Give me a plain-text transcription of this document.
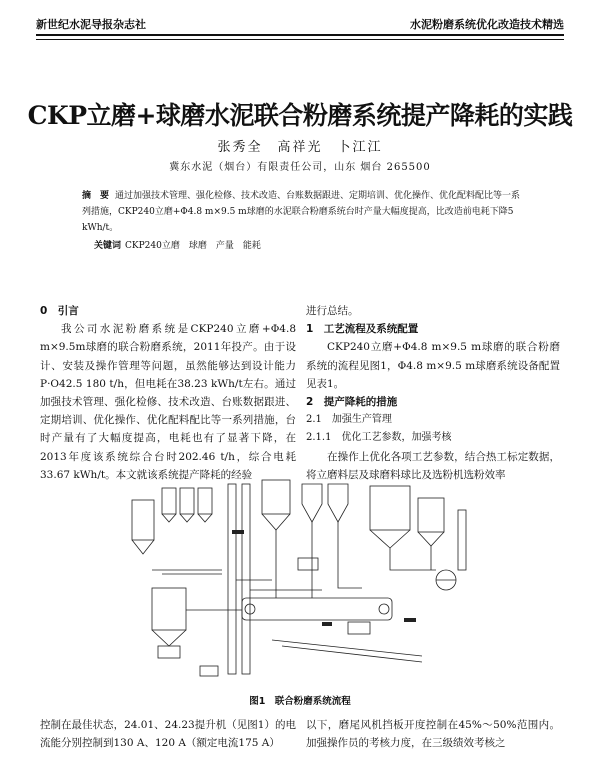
新世纪水泥导报杂志社	水泥粉磨系统优化改造技术精选
CKP立磨+球磨水泥联合粉磨系统提产降耗的实践
张秀全　高祥光　卜江江
冀东水泥（烟台）有限责任公司，山东 烟台 265500
摘　要 通过加强技术管理、强化检修、技术改造、台账数据跟进、定期培训、优化操作、优化配料配比等一系列措施，CKP240立磨+Φ4.8 m×9.5 m球磨的水泥联合粉磨系统台时产量大幅度提高，比改造前电耗下降5 kWh/t。
关键词 CKP240立磨　球磨　产量　能耗
0　引言
我公司水泥粉磨系统是CKP240立磨+Φ4.8 m×9.5m球磨的联合粉磨系统，2011年投产。由于设计、安装及操作管理等问题，虽然能够达到设计能力P·O42.5 180 t/h，但电耗在38.23 kWh/t左右。通过加强技术管理、强化检修、技术改造、台账数据跟进、定期培训、优化操作、优化配料配比等一系列措施，台时产量有了大幅度提高，电耗也有了显著下降，在2013年度该系统综合台时202.46 t/h，综合电耗33.67 kWh/t。本文就该系统提产降耗的经验
进行总结。
1　工艺流程及系统配置
CKP240立磨+Φ4.8 m×9.5 m球磨的联合粉磨系统的流程见图1，Φ4.8 m×9.5 m球磨系统设备配置见表1。
2　提产降耗的措施
2.1　加强生产管理
2.1.1　优化工艺参数，加强考核
在操作上优化各项工艺参数，结合热工标定数据，将立磨料层及球磨料球比及选粉机选粉效率
图1　联合粉磨系统流程
控制在最佳状态，24.01、24.23提升机（见图1）的电流能分别控制到130 A、120 A（额定电流175 A）
以下，磨尾风机挡板开度控制在45%～50%范围内。加强操作员的考核力度，在三级绩效考核之
